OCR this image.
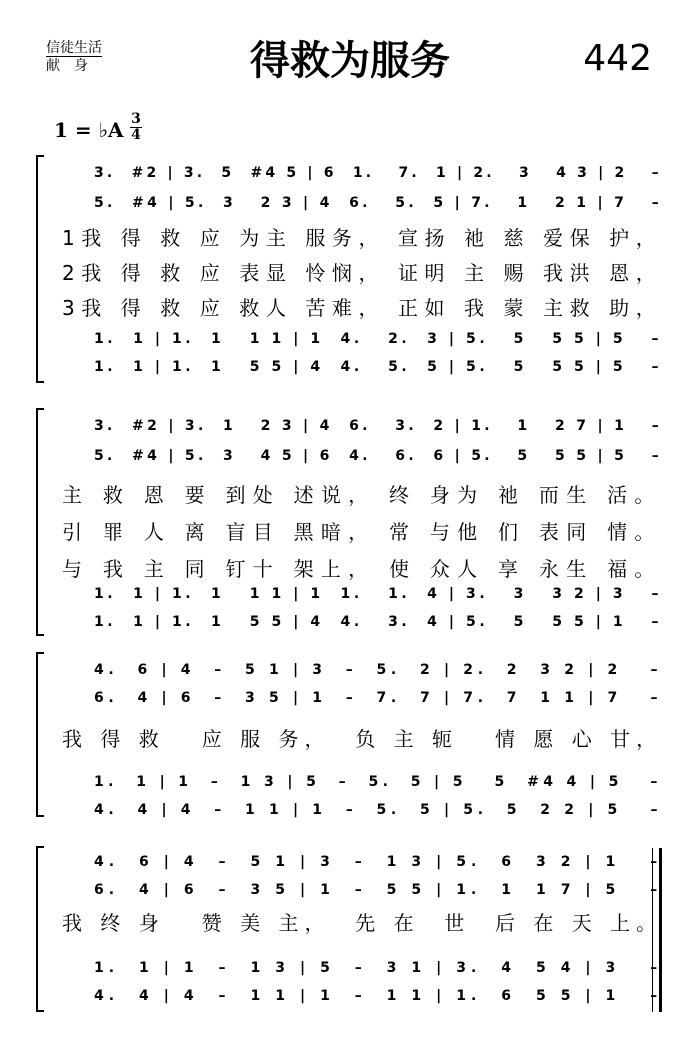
信徒生活
献身	得救为服务	442
1 = ♭A 3
4
3.  #2 | 3.  5  #4 5 | 6  1.   7.  1 | 2.   3   4 3 | 2   –
5.  #4 | 5.  3   2 3 | 4  6.   5.  5 | 7.   1   2 1 | 7   –
1我 得 救 应 为主 服务， 宣扬 祂 慈 爱保 护，
2我 得 救 应 表显 怜悯， 证明 主 赐 我洪 恩，
3我 得 救 应 救人 苦难， 正如 我 蒙 主救 助，
1.  1 | 1.  1   1 1 | 1  4.   2.  3 | 5.   5   5 5 | 5   –
1.  1 | 1.  1   5 5 | 4  4.   5.  5 | 5.   5   5 5 | 5   –
3.  #2 | 3.  1   2 3 | 4  6.   3.  2 | 1.   1   2 7 | 1   –
5.  #4 | 5.  3   4 5 | 6  4.   6.  6 | 5.   5   5 5 | 5   –
主 救 恩 要 到处 述说， 终 身为 祂 而生 活。
引 罪 人 离 盲目 黑暗， 常 与他 们 表同 情。
与 我 主 同 钉十 架上， 使 众人 享 永生 福。
1.  1 | 1.  1   1 1 | 1  1.   1.  4 | 3.   3   3 2 | 3   –
1.  1 | 1.  1   5 5 | 4  4.   3.  4 | 5.   5   5 5 | 1   –
4.  6 | 4  –  5 1 | 3  –  5.  2 | 2.  2  3 2 | 2   –
6.  4 | 6  –  3 5 | 1  –  7.  7 | 7.  7  1 1 | 7   –
我 得 救   应 服 务，  负 主 轭   情 愿 心 甘，
1.  1 | 1  –  1 3 | 5  –  5.  5 | 5   5  #4 4 | 5   –
4.  4 | 4  –  1 1 | 1  –  5.  5 | 5.  5  2 2 | 5   –
4.  6 | 4  –  5 1 | 3  –  1 3 | 5.  6  3 2 | 1   –
6.  4 | 6  –  3 5 | 1  –  5 5 | 1.  1  1 7 | 5   –
我 终 身   赞 美 主，  先 在  世  后 在 天 上。
1.  1 | 1  –  1 3 | 5  –  3 1 | 3.  4  5 4 | 3   –
4.  4 | 4  –  1 1 | 1  –  1 1 | 1.  6  5 5 | 1   –
